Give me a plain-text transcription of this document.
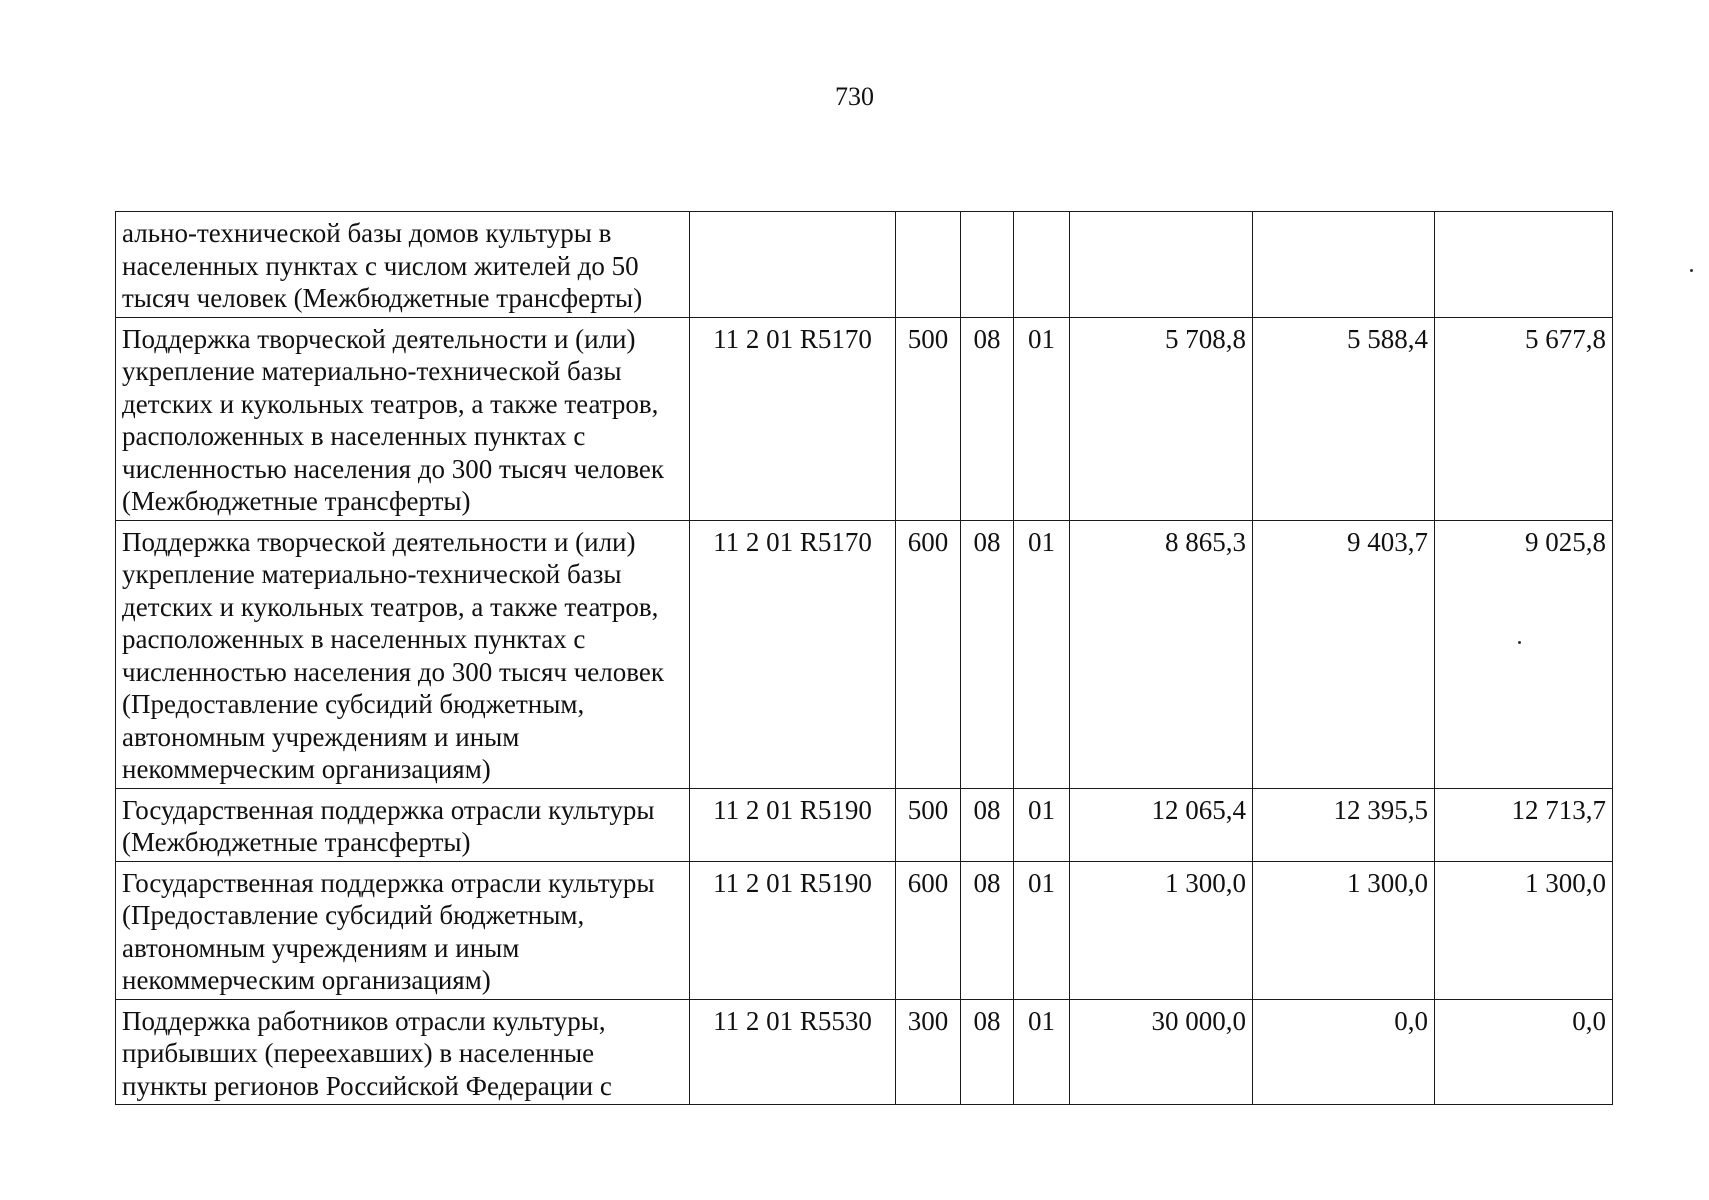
730
ально-технической базы домов культуры в населенных пунктах с числом жителей до 50 тысяч человек (Межбюджетные трансферты)							
Поддержка творческой деятельности и (или) укрепление материально-технической базы детских и кукольных театров, а также театров, расположенных в населенных пунктах с численностью населения до 300 тысяч человек (Межбюджетные трансферты)	11 2 01 R5170	500	08	01	5 708,8	5 588,4	5 677,8
Поддержка творческой деятельности и (или) укрепление материально-технической базы детских и кукольных театров, а также театров, расположенных в населенных пунктах с численностью населения до 300 тысяч человек (Предоставление субсидий бюджетным, автономным учреждениям и иным некоммерческим организациям)	11 2 01 R5170	600	08	01	8 865,3	9 403,7	9 025,8
Государственная поддержка отрасли культуры (Межбюджетные трансферты)	11 2 01 R5190	500	08	01	12 065,4	12 395,5	12 713,7
Государственная поддержка отрасли культуры (Предоставление субсидий бюджетным, автономным учреждениям и иным некоммерческим организациям)	11 2 01 R5190	600	08	01	1 300,0	1 300,0	1 300,0
Поддержка работников отрасли культуры, прибывших (переехавших) в населенные пункты регионов Российской Федерации с	11 2 01 R5530	300	08	01	30 000,0	0,0	0,0
